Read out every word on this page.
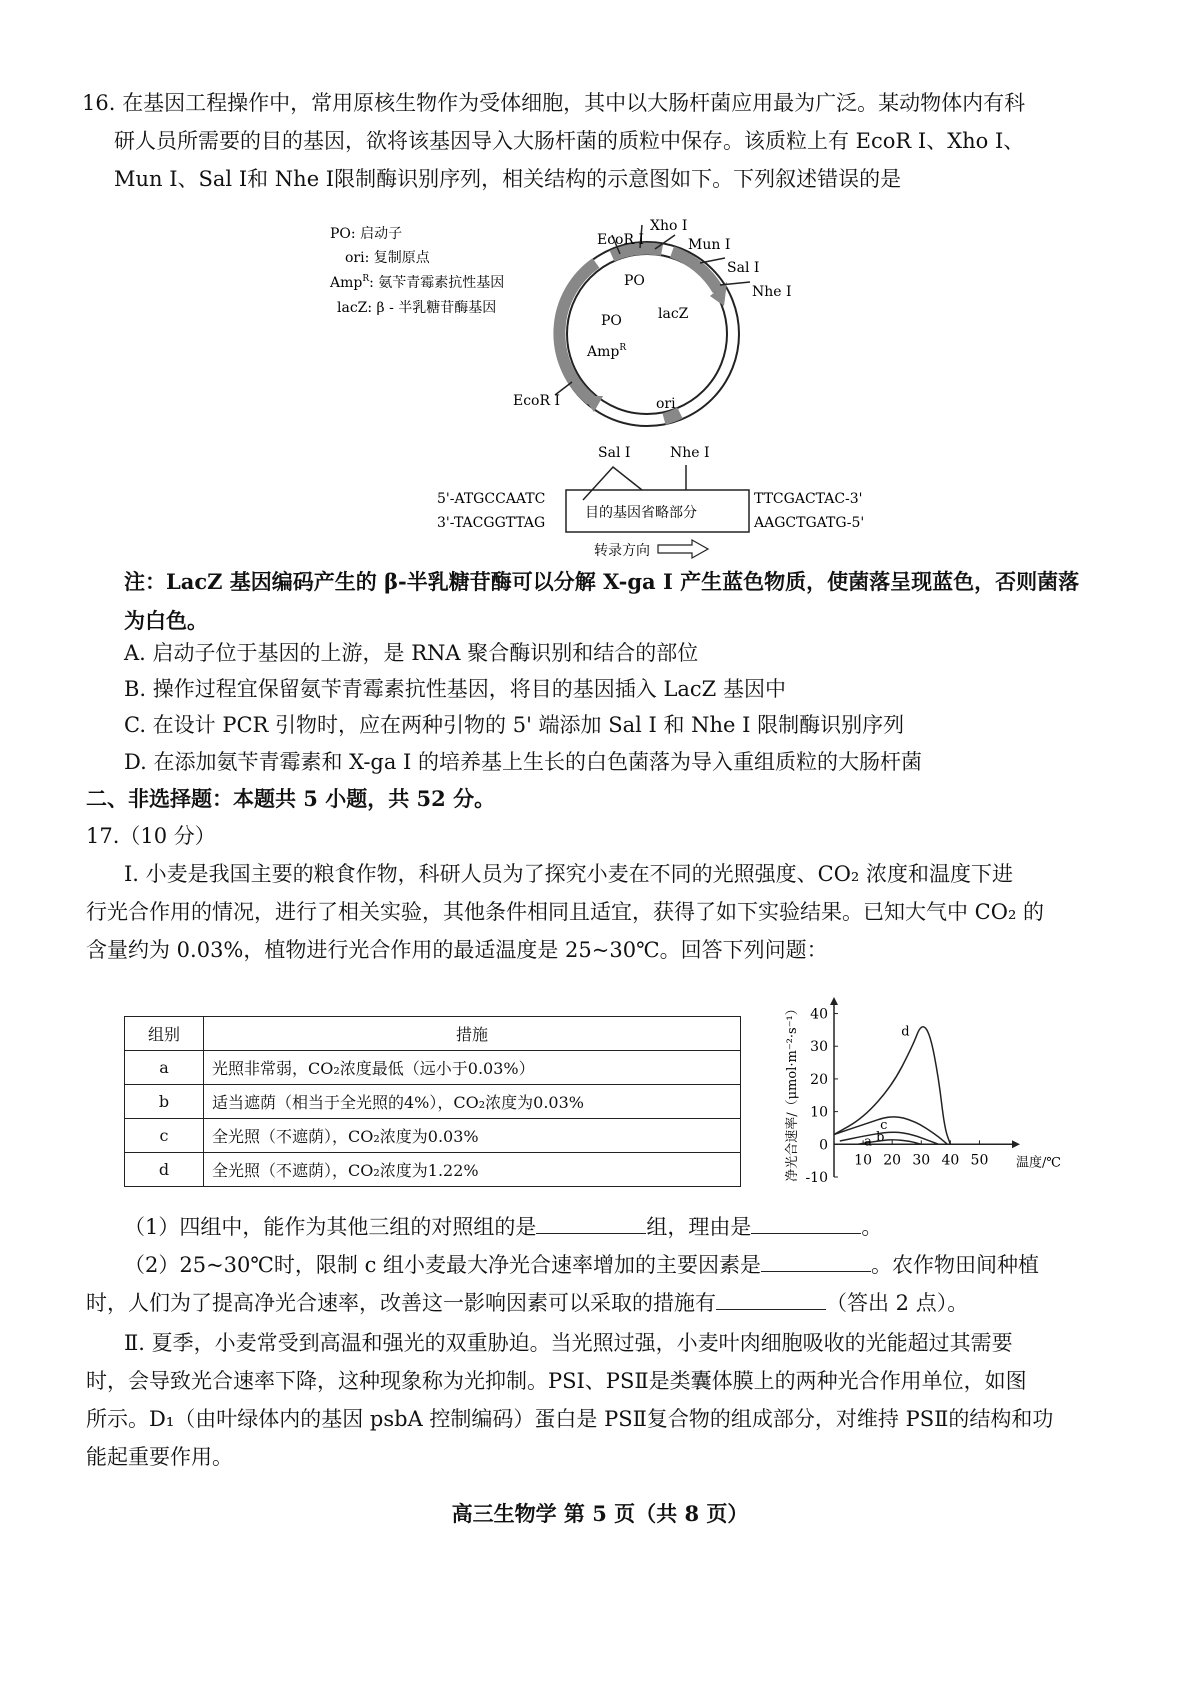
16. 在基因工程操作中，常用原核生物作为受体细胞，其中以大肠杆菌应用最为广泛。某动物体内有科
研人员所需要的目的基因，欲将该基因导入大肠杆菌的质粒中保存。该质粒上有 EcoR Ⅰ、Xho Ⅰ、
Mun Ⅰ、Sal Ⅰ和 Nhe Ⅰ限制酶识别序列，相关结构的示意图如下。下列叙述错误的是
PO: 启动子
ori: 复制原点
Amp$^R$: 氨苄青霉素抗性基因
lacZ: β - 半乳糖苷酶基因
Xho I
EcoR I	Mun I
Sal I
Nhe I
PO
PO	lacZ
Amp$^R$
EcoR I	ori
Sal I	Nhe I
5'-ATGCCAATC
3'-TACGGTTAG
目的基因省略部分
TTCGACTAC-3'
AAGCTGATG-5'
转录方向
注：LacZ 基因编码产生的 β-半乳糖苷酶可以分解 X-ga Ⅰ 产生蓝色物质，使菌落呈现蓝色，否则菌落
为白色。
A. 启动子位于基因的上游，是 RNA 聚合酶识别和结合的部位
B. 操作过程宜保留氨苄青霉素抗性基因，将目的基因插入 LacZ 基因中
C. 在设计 PCR 引物时，应在两种引物的 5' 端添加 Sal Ⅰ 和 Nhe Ⅰ 限制酶识别序列
D. 在添加氨苄青霉素和 X-ga Ⅰ 的培养基上生长的白色菌落为导入重组质粒的大肠杆菌
二、非选择题：本题共 5 小题，共 52 分。
17.（10 分）
Ⅰ. 小麦是我国主要的粮食作物，科研人员为了探究小麦在不同的光照强度、CO₂ 浓度和温度下进
行光合作用的情况，进行了相关实验，其他条件相同且适宜，获得了如下实验结果。已知大气中 CO₂ 的
含量约为 0.03%，植物进行光合作用的最适温度是 25~30℃。回答下列问题：
组别	措施
a	光照非常弱，CO₂浓度最低（远小于0.03%）
b	适当遮荫（相当于全光照的4%），CO₂浓度为0.03%
c	全光照（不遮荫），CO₂浓度为0.03%
d	全光照（不遮荫），CO₂浓度为1.22%
40
30
20
10
0
-10
10 20 30 40 50 温度/℃
净光合速率/（μmol·m⁻²·s⁻¹）	d
c
b
a
（1）四组中，能作为其他三组的对照组的是	组，理由是	。
（2）25~30℃时，限制 c 组小麦最大净光合速率增加的主要因素是	。农作物田间种植
时，人们为了提高净光合速率，改善这一影响因素可以采取的措施有	（答出 2 点）。
Ⅱ. 夏季，小麦常受到高温和强光的双重胁迫。当光照过强，小麦叶肉细胞吸收的光能超过其需要
时，会导致光合速率下降，这种现象称为光抑制。PSⅠ、PSⅡ是类囊体膜上的两种光合作用单位，如图
所示。D₁（由叶绿体内的基因 psbA 控制编码）蛋白是 PSⅡ复合物的组成部分，对维持 PSⅡ的结构和功
能起重要作用。
高三生物学 第 5 页（共 8 页）
